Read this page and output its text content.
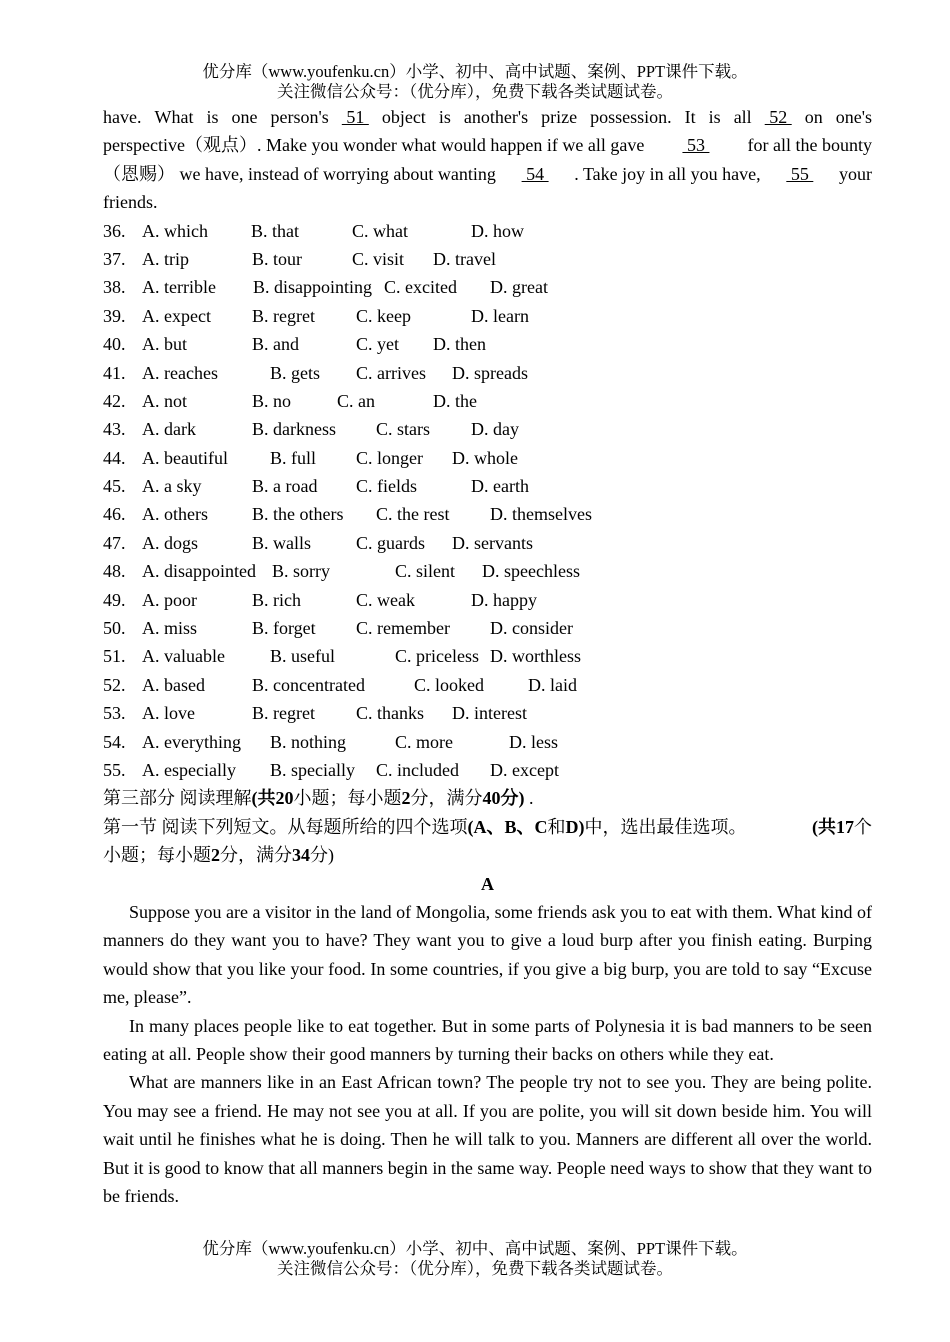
优分库（www.youfenku.cn）小学、初中、高中试题、案例、PPT课件下载。
关注微信公众号：（优分库），免费下载各类试题试卷。
have. What is one person's 51 object is another's prize possession. It is all 52 on one's
perspective（观点）. Make you wonder what would happen if we all gave 53 for all the bounty
（恩赐） we have, instead of worrying about wanting 54 . Take joy in all you have, 55 your
friends.
36. A. which B. that	C. what	D. how
37. A. trip	B. tour	C. visit D. travel
38. A. terrible B. disappointing C. excited D. great
39. A. expect B. regret C. keep	D. learn
40. A. but	B. and	C. yet D. then
41. A. reaches	B. gets C. arrives D. spreads
42. A. not	B. no	C. an	D. the
43. A. dark	B. darkness C. stars D. day
44. A. beautiful B. full C. longer D. whole
45. A. a sky	B. a road C. fields	D. earth
46. A. others B. the others C. the rest D. themselves
47. A. dogs	B. walls C. guards D. servants
48. A. disappointed B. sorry	C. silent D. speechless
49. A. poor	B. rich	C. weak	D. happy
50. A. miss	B. forget C. remember D. consider
51. A. valuable	B. useful	C. priceless D. worthless
52. A. based	B. concentrated	C. looked D. laid
53. A. love	B. regret C. thanks D. interest
54. A. everything B. nothing	C. more	D. less
55. A. especially B. specially C. included D. except
第三部分 阅读理解(共20小题；每小题2分，满分40分) .
第一节 阅读下列短文。从每题所给的四个选项(A、B、C和D)中，选出最佳选项。	(共17个
小题；每小题2分，满分34分)
A
Suppose you are a visitor in the land of Mongolia, some friends ask you to eat with them. What kind of manners do they want you to have? They want you to give a loud burp after you finish eating. Burping would show that you like your food. In some countries, if you give a big burp, you are told to say “Excuse me, please”.
In many places people like to eat together. But in some parts of Polynesia it is bad manners to be seen eating at all. People show their good manners by turning their backs on others while they eat.
What are manners like in an East African town? The people try not to see you. They are being polite. You may see a friend. He may not see you at all. If you are polite, you will sit down beside him. You will wait until he finishes what he is doing. Then he will talk to you. Manners are different all over the world. But it is good to know that all manners begin in the same way. People need ways to show that they want to be friends.
优分库（www.youfenku.cn）小学、初中、高中试题、案例、PPT课件下载。
关注微信公众号：（优分库），免费下载各类试题试卷。
